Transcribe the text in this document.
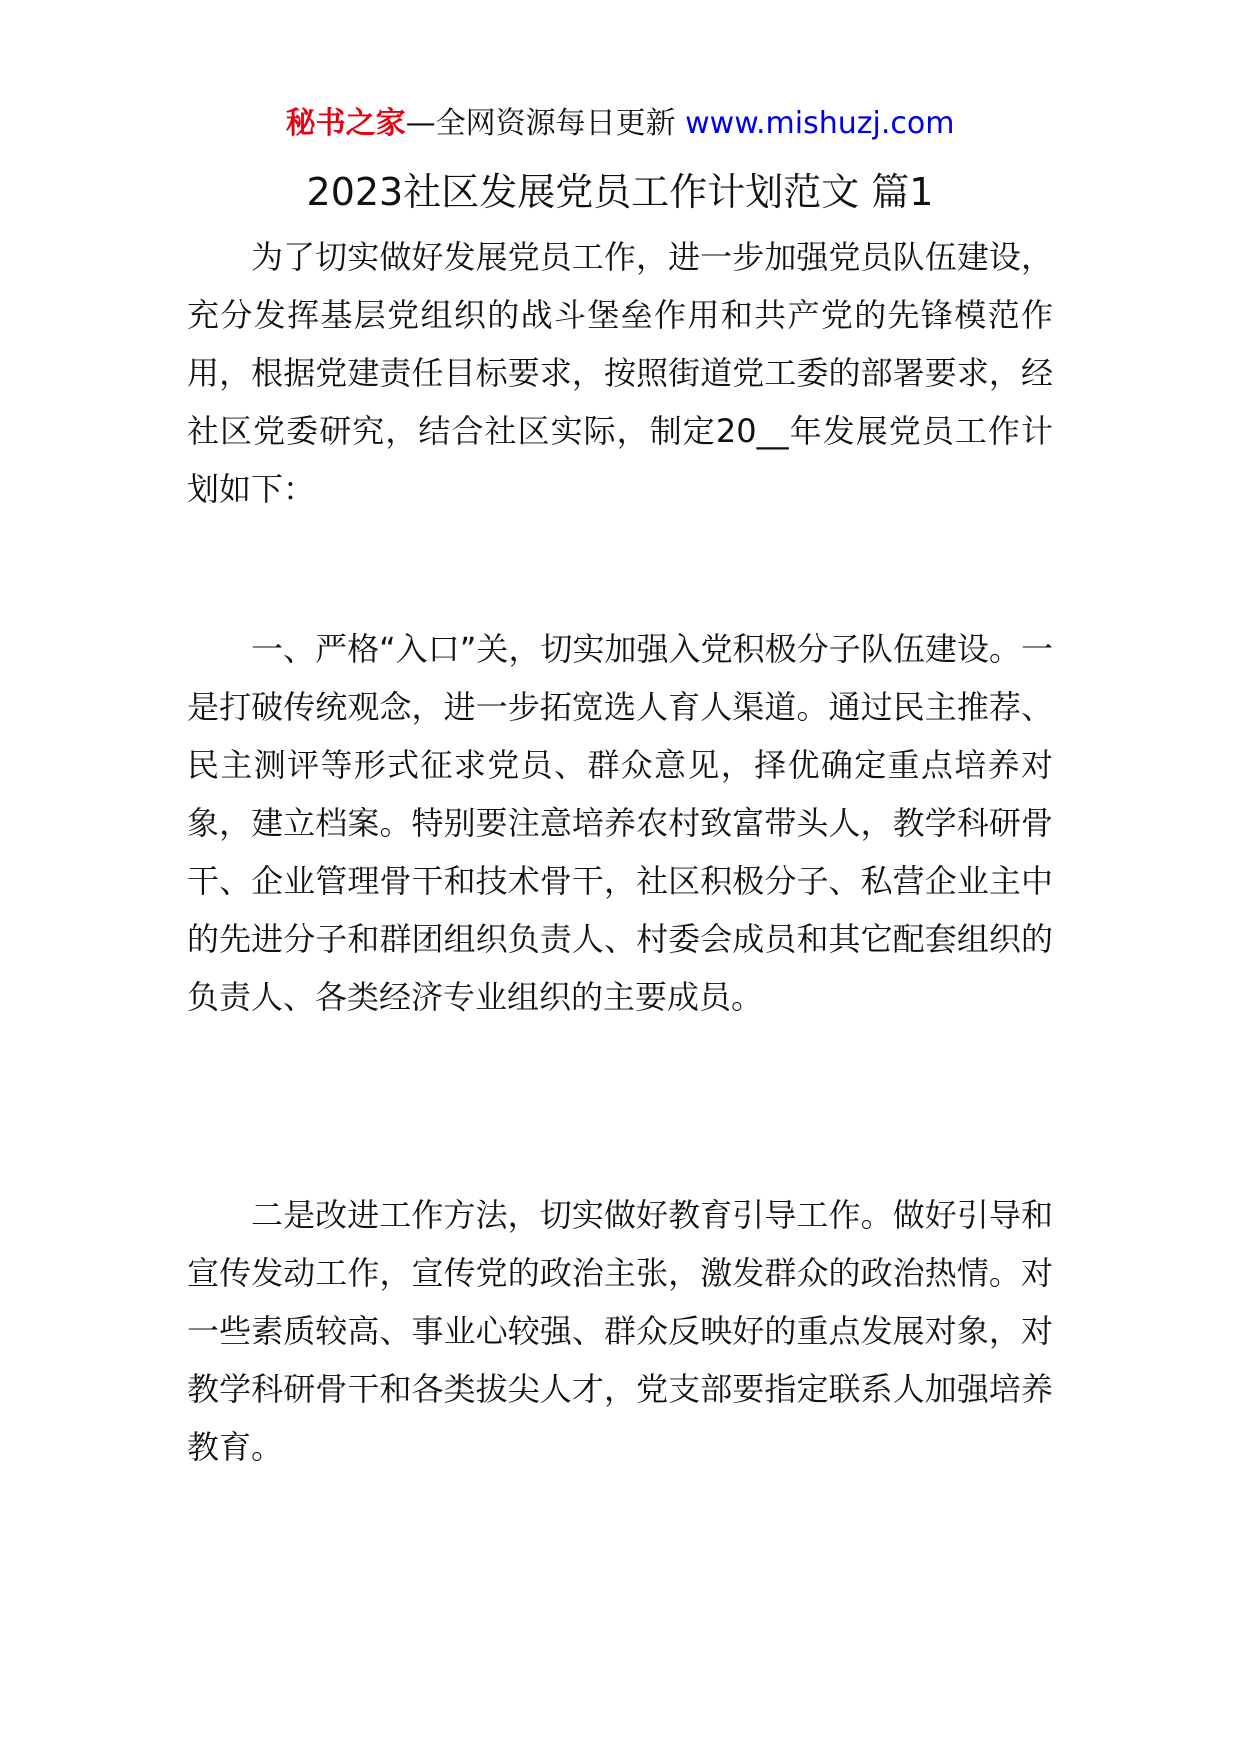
秘书之家—全网资源每日更新 www.mishuzj.com
2023社区发展党员工作计划范文 篇1

为了切实做好发展党员工作，进一步加强党员队伍建设，充分发挥基层党组织的战斗堡垒作用和共产党的先锋模范作用，根据党建责任目标要求，按照街道党工委的部署要求，经社区党委研究，结合社区实际，制定20__年发展党员工作计划如下：

一、严格“入口”关，切实加强入党积极分子队伍建设。一是打破传统观念，进一步拓宽选人育人渠道。通过民主推荐、民主测评等形式征求党员、群众意见，择优确定重点培养对象，建立档案。特别要注意培养农村致富带头人，教学科研骨干、企业管理骨干和技术骨干，社区积极分子、私营企业主中的先进分子和群团组织负责人、村委会成员和其它配套组织的负责人、各类经济专业组织的主要成员。

二是改进工作方法，切实做好教育引导工作。做好引导和宣传发动工作，宣传党的政治主张，激发群众的政治热情。对一些素质较高、事业心较强、群众反映好的重点发展对象，对教学科研骨干和各类拔尖人才，党支部要指定联系人加强培养教育。
